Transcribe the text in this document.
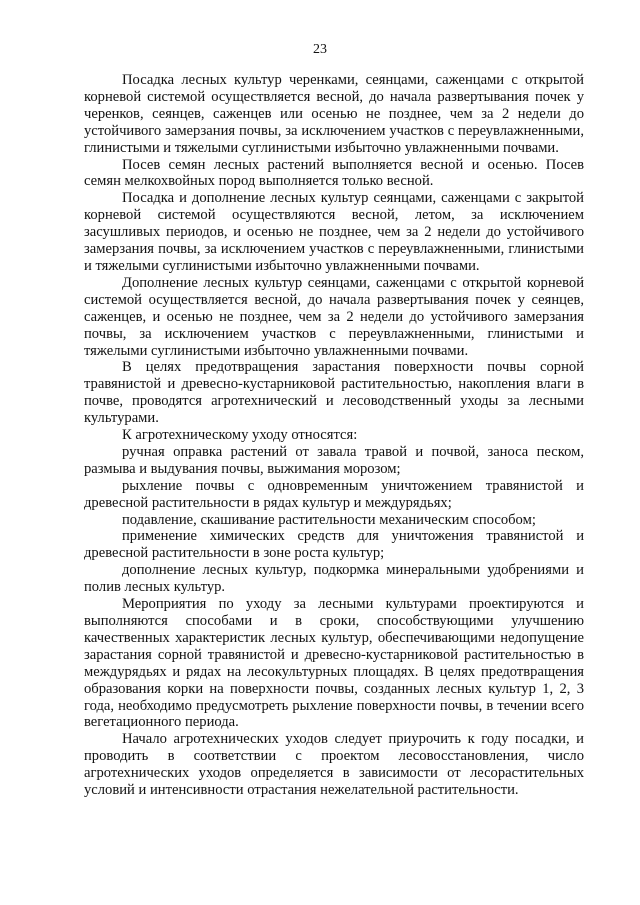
23

Посадка лесных культур черенками, сеянцами, саженцами с открытой корневой системой осуществляется весной, до начала развертывания почек у черенков, сеянцев, саженцев или осенью не позднее, чем за 2 недели до устойчивого замерзания почвы, за исключением участков с переувлажненными, глинистыми и тяжелыми суглинистыми избыточно увлажненными почвами.

Посев семян лесных растений выполняется весной и осенью. Посев семян мелкохвойных пород выполняется только весной.

Посадка и дополнение лесных культур сеянцами, саженцами с закрытой корневой системой осуществляются весной, летом, за исключением засушливых периодов, и осенью не позднее, чем за 2 недели до устойчивого замерзания почвы, за исключением участков с переувлажненными, глинистыми и тяжелыми суглинистыми избыточно увлажненными почвами.

Дополнение лесных культур сеянцами, саженцами с открытой корневой системой осуществляется весной, до начала развертывания почек у сеянцев, саженцев, и осенью не позднее, чем за 2 недели до устойчивого замерзания почвы, за исключением участков с переувлажненными, глинистыми и тяжелыми суглинистыми избыточно увлажненными почвами.

В целях предотвращения зарастания поверхности почвы сорной травянистой и древесно-кустарниковой растительностью, накопления влаги в почве, проводятся агротехнический и лесоводственный уходы за лесными культурами.

К агротехническому уходу относятся:

ручная оправка растений от завала травой и почвой, заноса песком, размыва и выдувания почвы, выжимания морозом;

рыхление почвы с одновременным уничтожением травянистой и древесной растительности в рядах культур и междурядьях;

подавление, скашивание растительности механическим способом;

применение химических средств для уничтожения травянистой и древесной растительности в зоне роста культур;

дополнение лесных культур, подкормка минеральными удобрениями и полив лесных культур.

Мероприятия по уходу за лесными культурами проектируются и выполняются способами и в сроки, способствующими улучшению качественных характеристик лесных культур, обеспечивающими недопущение зарастания сорной травянистой и древесно-кустарниковой растительностью в междурядьях и рядах на лесокультурных площадях. В целях предотвращения образования корки на поверхности почвы, созданных лесных культур 1, 2, 3 года, необходимо предусмотреть рыхление поверхности почвы, в течении всего вегетационного периода.

Начало агротехнических уходов следует приурочить к году посадки, и проводить в соответствии с проектом лесовосстановления, число агротехнических уходов определяется в зависимости от лесорастительных условий и интенсивности отрастания нежелательной растительности.
